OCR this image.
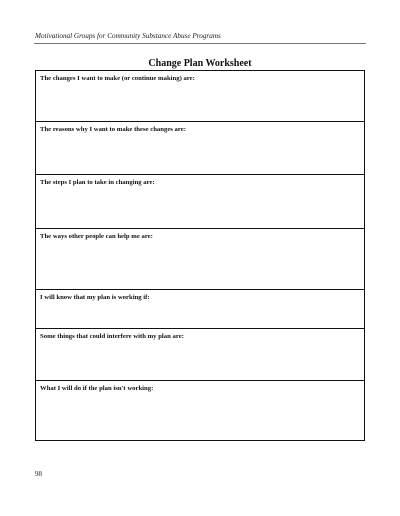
Motivational Groups for Community Substance Abuse Programs
Change Plan Worksheet
The changes I want to make (or continue making) are:
The reasons why I want to make these changes are:
The steps I plan to take in changing are:
The ways other people can help me are:
I will know that my plan is working if:
Some things that could interfere with my plan are:
What I will do if the plan isn't working:
98
